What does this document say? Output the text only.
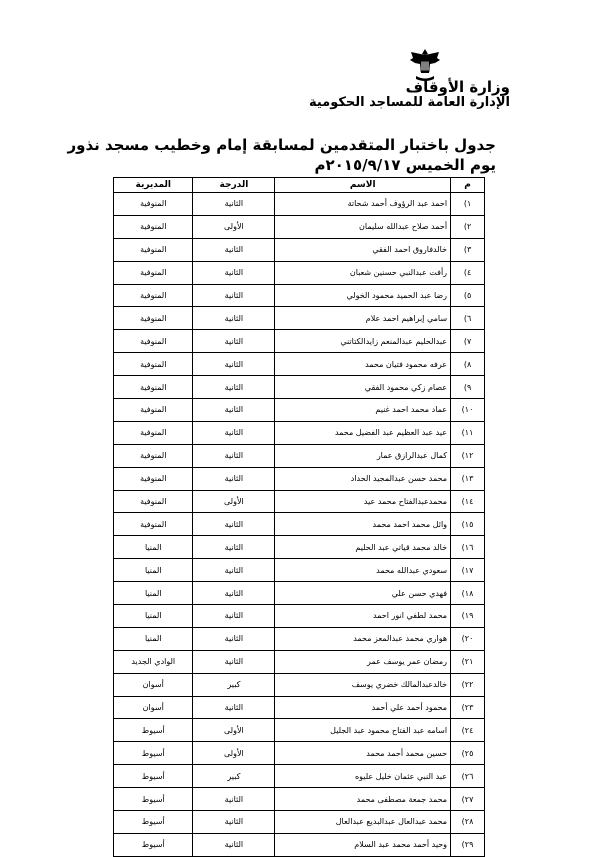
وزارة الأوقاف
الإدارة العامة للمساجد الحكومية
جدول باختبار المتقدمين لمسابقة إمام وخطيب مسجد نذور
يوم الخميس ٢٠١٥/٩/١٧م
م	الاسم	الدرجة	المديرية
١)	احمد عبد الرؤوف أحمد شحاتة	الثانية	المنوفية
٢)	أحمد صلاح عبدالله سليمان	الأولى	المنوفية
٣)	خالدفاروق احمد الفقي	الثانية	المنوفية
٤)	رأفت عبدالنبي حسنين شعبان	الثانية	المنوفية
٥)	رضا عبد الحميد محمود الخولي	الثانية	المنوفية
٦)	سامي إبراهيم احمد علام	الثانية	المنوفية
٧)	عبدالحليم عبدالمنعم زايدالكتاتني	الثانية	المنوفية
٨)	عرفه محمود فتيان محمد	الثانية	المنوفية
٩)	عصام زكي محمود الفقي	الثانية	المنوفية
١٠)	عماد محمد احمد غنيم	الثانية	المنوفية
١١)	عيد عبد العظيم عبد الفضيل محمد	الثانية	المنوفية
١٢)	كمال عبدالرازق عمار	الثانية	المنوفية
١٣)	محمد حسن عبدالمجيد الحداد	الثانية	المنوفية
١٤)	محمدعبدالفتاح محمد عيد	الأولى	المنوفية
١٥)	وائل محمد احمد محمد	الثانية	المنوفية
١٦)	خالد محمد قياتي عبد الحليم	الثانية	المنيا
١٧)	سعودي عبدالله محمد	الثانية	المنيا
١٨)	فهدي حسن علي	الثانية	المنيا
١٩)	محمد لطفي انور احمد	الثانية	المنيا
٢٠)	هواري محمد عبدالمعز محمد	الثانية	المنيا
٢١)	رمضان عمر يوسف عمر	الثانية	الوادي الجديد
٢٢)	خالدعبدالمالك خضري يوسف	كبير	أسوان
٢٣)	محمود أحمد علي أحمد	الثانية	أسوان
٢٤)	اسامه عبد الفتاح محمود عبد الجليل	الأولى	أسيوط
٢٥)	حسين محمد أحمد محمد	الأولى	أسيوط
٢٦)	عبد النبي عثمان خليل عليوه	كبير	أسيوط
٢٧)	محمد جمعة مصطفى محمد	الثانية	أسيوط
٢٨)	محمد عبدالعال عبدالبديع عبدالعال	الثانية	أسيوط
٢٩)	وحيد أحمد محمد عبد السلام	الثانية	أسيوط
